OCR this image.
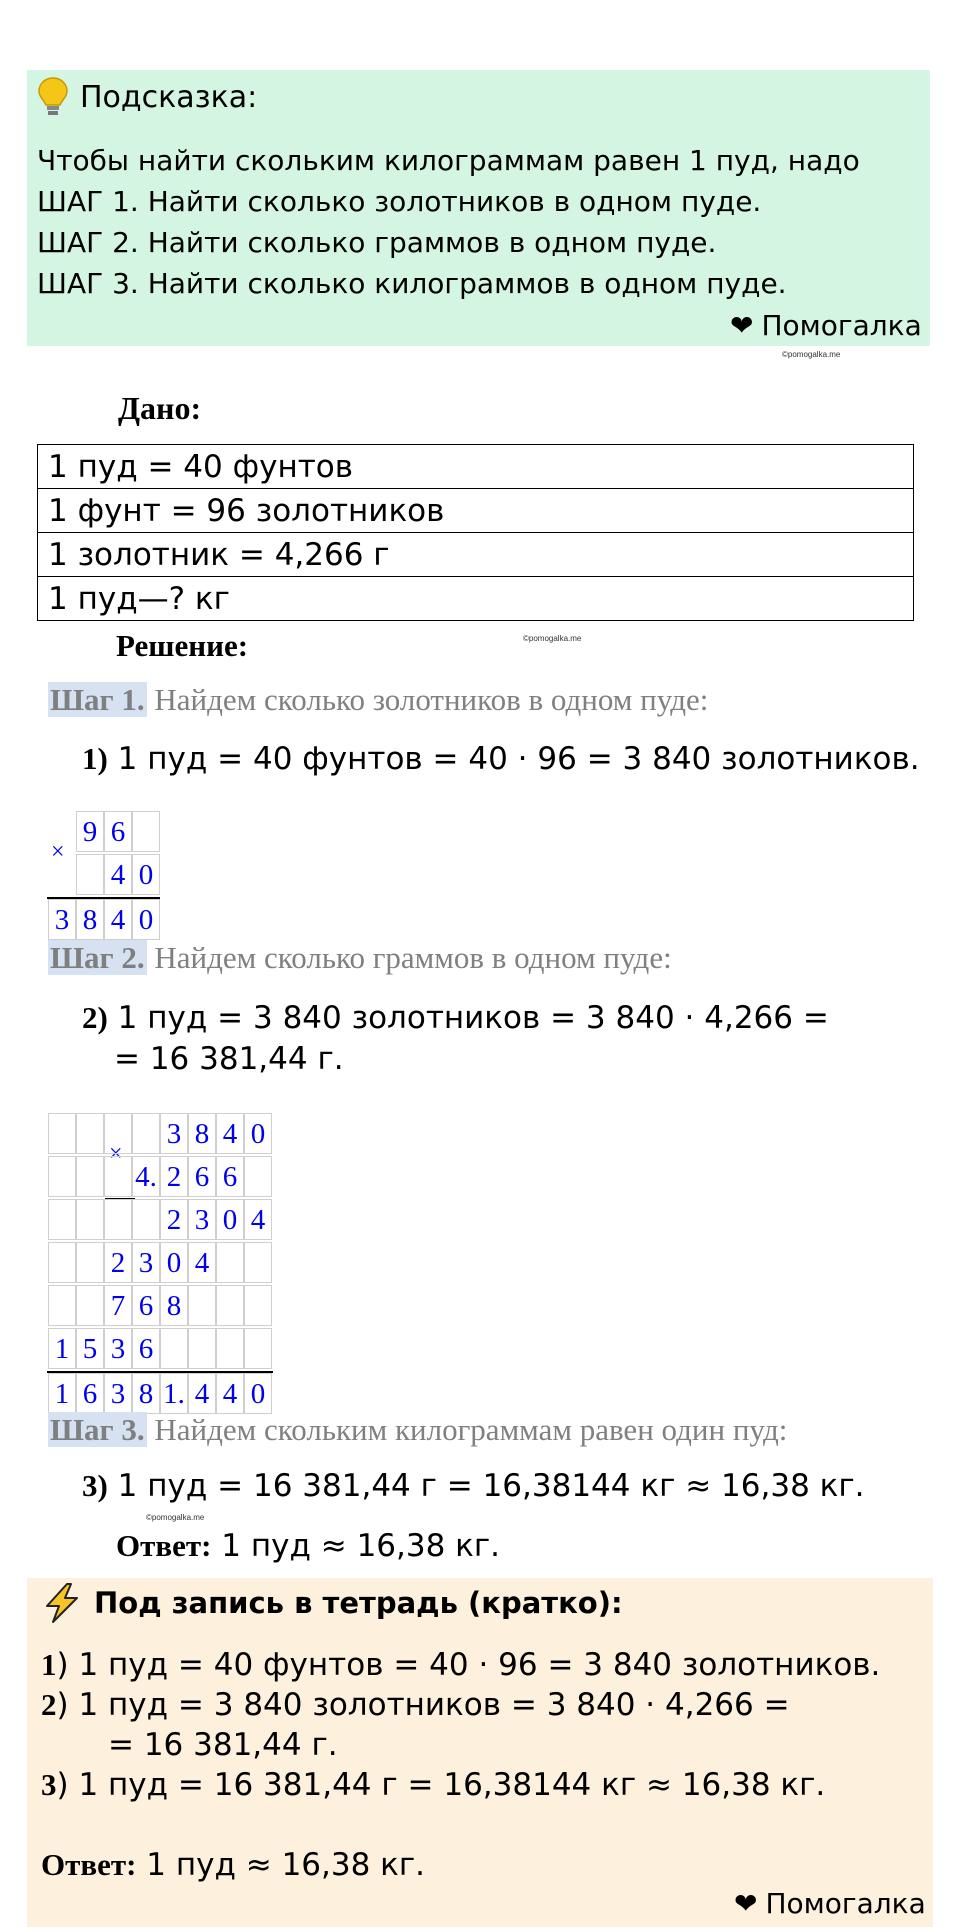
Подсказка:
Чтобы найти скольким килограммам равен 1 пуд, надо
ШАГ 1. Найти сколько золотников в одном пуде.
ШАГ 2. Найти сколько граммов в одном пуде.
ШАГ 3. Найти сколько килограммов в одном пуде.
❤ Помогалка
©pomogalka.me
Дано:
1 пуд = 40 фунтов
1 фунт = 96 золотников
1 золотник = 4,266 г
1 пуд—? кг
Решение:	©pomogalka.me
Шаг 1. Найдем сколько золотников в одном пуде:
1) 1 пуд = 40 фунтов = 40 · 96 = 3 840 золотников.
×
9 6
4 0
3 8 4 0
Шаг 2. Найдем сколько граммов в одном пуде:
2) 1 пуд = 3 840 золотников = 3 840 · 4,266 =
= 16 381,44 г.
×
3 8 4 0
4. 2 6 6
2 3 0 4
2 3 0 4
7 6 8
1 5 3 6
1 6 3 8 1. 4 4 0
Шаг 3. Найдем скольким килограммам равен один пуд:
3) 1 пуд = 16 381,44 г = 16,38144 кг ≈ 16,38 кг.
©pomogalka.me
Ответ: 1 пуд ≈ 16,38 кг.
Под запись в тетрадь (кратко):
1) 1 пуд = 40 фунтов = 40 · 96 = 3 840 золотников.
2) 1 пуд = 3 840 золотников = 3 840 · 4,266 =
= 16 381,44 г.
3) 1 пуд = 16 381,44 г = 16,38144 кг ≈ 16,38 кг.
Ответ: 1 пуд ≈ 16,38 кг.
❤ Помогалка
